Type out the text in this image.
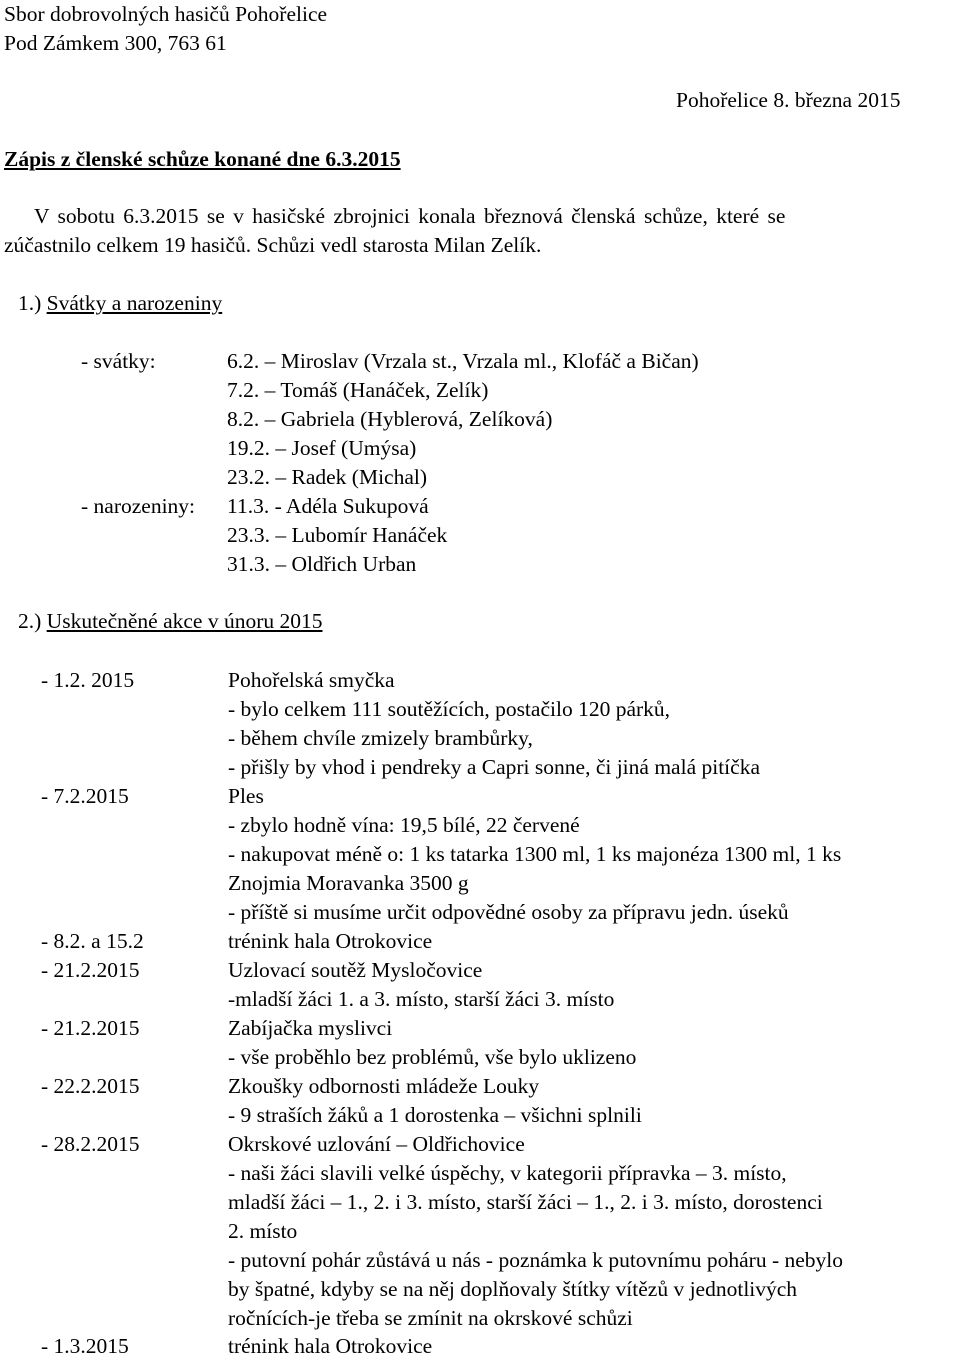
Sbor dobrovolných hasičů Pohořelice
Pod Zámkem 300, 763 61
Pohořelice 8. března 2015
Zápis z členské schůze konané dne 6.3.2015
V sobotu 6.3.2015 se v hasičské zbrojnici konala březnová členská schůze, které se
zúčastnilo celkem 19 hasičů. Schůzi vedl starosta Milan Zelík.
1.) Svátky a narozeniny
- svátky:	6.2. – Miroslav (Vrzala st., Vrzala ml., Klofáč a Bičan)
7.2. – Tomáš (Hanáček, Zelík)
8.2. – Gabriela (Hyblerová, Zelíková)
19.2. – Josef (Umýsa)
23.2. – Radek (Michal)
- narozeniny: 11.3. - Adéla Sukupová
23.3. – Lubomír Hanáček
31.3. – Oldřich Urban
2.) Uskutečněné akce v únoru 2015
- 1.2. 2015	Pohořelská smyčka
- bylo celkem 111 soutěžících, postačilo 120 párků,
- během chvíle zmizely brambůrky,
- přišly by vhod i pendreky a Capri sonne, či jiná malá pitíčka
- 7.2.2015	Ples
- zbylo hodně vína: 19,5 bílé, 22 červené
- nakupovat méně o: 1 ks tatarka 1300 ml, 1 ks majonéza 1300 ml, 1 ks
Znojmia Moravanka 3500 g
- příště si musíme určit odpovědné osoby za přípravu jedn. úseků
- 8.2. a 15.2	trénink hala Otrokovice
- 21.2.2015	Uzlovací soutěž Mysločovice
-mladší žáci 1. a 3. místo, starší žáci 3. místo
- 21.2.2015	Zabíjačka myslivci
- vše proběhlo bez problémů, vše bylo uklizeno
- 22.2.2015	Zkoušky odbornosti mládeže Louky
- 9 straších žáků a 1 dorostenka – všichni splnili
- 28.2.2015	Okrskové uzlování – Oldřichovice
- naši žáci slavili velké úspěchy, v kategorii přípravka – 3. místo,
mladší žáci – 1., 2. i 3. místo, starší žáci – 1., 2. i 3. místo, dorostenci
2. místo
- putovní pohár zůstává u nás - poznámka k putovnímu poháru - nebylo
by špatné, kdyby se na něj doplňovaly štítky vítězů v jednotlivých
ročnících-je třeba se zmínit na okrskové schůzi
- 1.3.2015	trénink hala Otrokovice
